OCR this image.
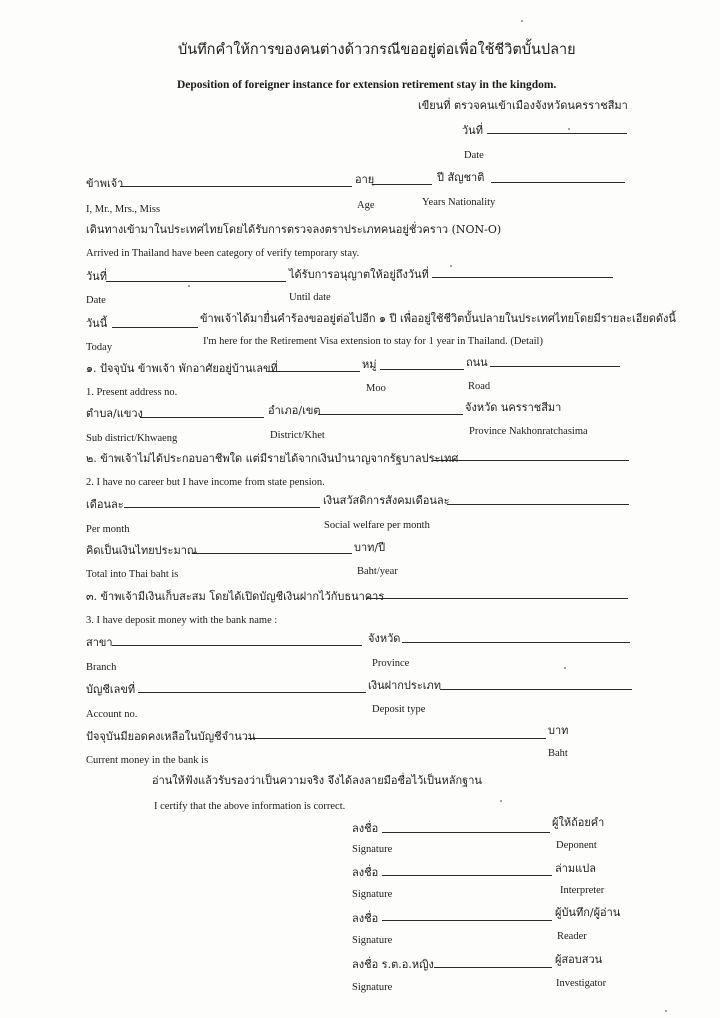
บันทึกคำให้การของคนต่างด้าวกรณีขออยู่ต่อเพื่อใช้ชีวิตบั้นปลาย
Deposition of foreigner instance for extension retirement stay in the kingdom.
เขียนที่ ตรวจคนเข้าเมืองจังหวัดนครราชสีมา
วันที่
Date
ข้าพเจ้า	อายุ	ปี สัญชาติ
I, Mr., Mrs., Miss	Age	Years Nationality
เดินทางเข้ามาในประเทศไทยโดยได้รับการตรวจลงตราประเภทคนอยู่ชั่วคราว (NON-O)
Arrived in Thailand have been category of verify temporary stay.
วันที่	ได้รับการอนุญาตให้อยู่ถึงวันที่
Date	Until date
วันนี้	ข้าพเจ้าได้มายื่นคำร้องขออยู่ต่อไปอีก ๑ ปี เพื่ออยู่ใช้ชีวิตบั้นปลายในประเทศไทยโดยมีรายละเอียดดังนี้
Today
I'm here for the Retirement Visa extension to stay for 1 year in Thailand. (Detail)
๑. ปัจจุบัน ข้าพเจ้า พักอาศัยอยู่บ้านเลขที่	หมู่	ถนน
1. Present address no.	Moo	Road
ตำบล/แขวง	อำเภอ/เขต	จังหวัด นครราชสีมา
Sub district/Khwaeng	District/Khet	Province Nakhonratchasima
๒. ข้าพเจ้าไม่ได้ประกอบอาชีพใด แต่มีรายได้จากเงินบำนาญจากรัฐบาลประเทศ
2. I have no career but I have income from state pension.
เดือนละ	เงินสวัสดิการสังคมเดือนละ
Per month	Social welfare per month
คิดเป็นเงินไทยประมาณ	บาท/ปี
Total into Thai baht is	Baht/year
๓. ข้าพเจ้ามีเงินเก็บสะสม โดยได้เปิดบัญชีเงินฝากไว้กับธนาคาร
3. I have deposit money with the bank name :
สาขา	จังหวัด
Branch	Province
บัญชีเลขที่	เงินฝากประเภท
Account no.	Deposit type
ปัจจุบันมียอดคงเหลือในบัญชีจำนวน	บาท
Current money in the bank is
Baht
อ่านให้ฟังแล้วรับรองว่าเป็นความจริง จึงได้ลงลายมือชื่อไว้เป็นหลักฐาน
I certify that the above information is correct.
ลงชื่อ	ผู้ให้ถ้อยคำ
Signature	Deponent
ลงชื่อ	ล่ามแปล
Signature	Interpreter
ลงชื่อ	ผู้บันทึก/ผู้อ่าน
Signature	Reader
ลงชื่อ ร.ต.อ.หญิง	ผู้สอบสวน
Signature	Investigator
